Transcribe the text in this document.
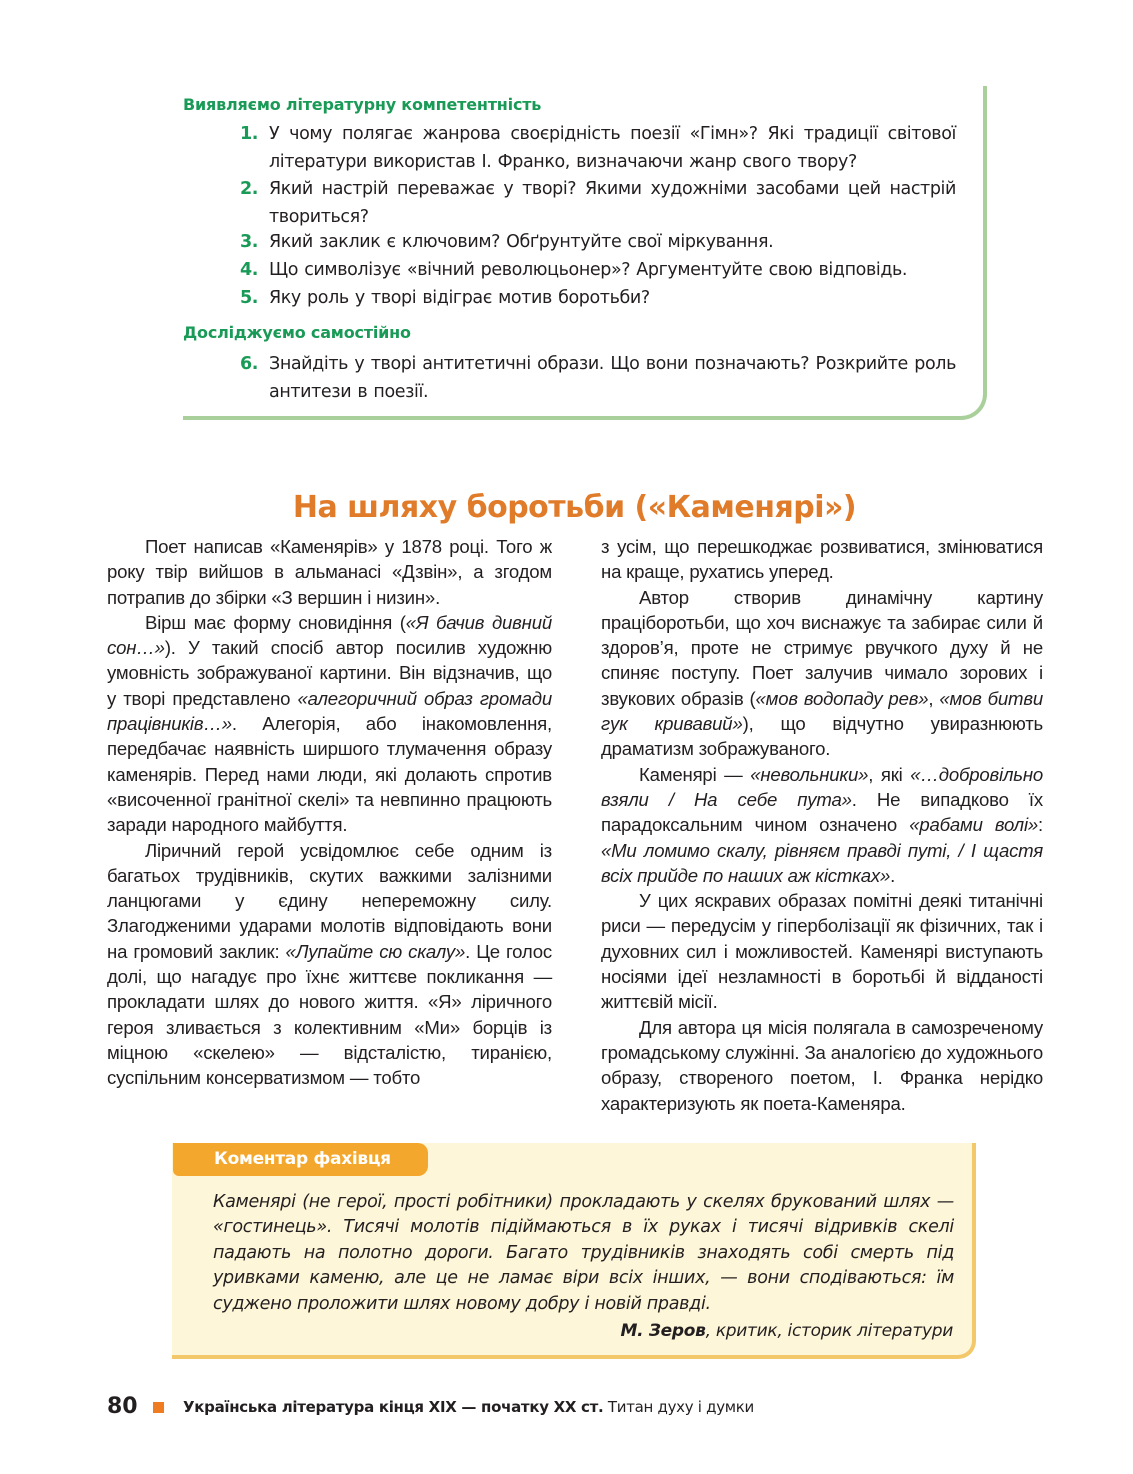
Виявляємо літературну компетентність
1. У чому полягає жанрова своєрідність поезії «Гімн»? Які традиції світової літератури використав І. Франко, визначаючи жанр свого твору?
2. Який настрій переважає у творі? Якими художніми засобами цей настрій твориться?
3. Який заклик є ключовим? Обґрунтуйте свої міркування.
4. Що символізує «вічний революцьонер»? Аргументуйте свою відповідь.
5. Яку роль у творі відіграє мотив боротьби?
Досліджуємо самостійно
6. Знайдіть у творі антитетичні образи. Що вони позначають? Розкрийте роль антитези в поезії.
На шляху боротьби («Каменярі»)

Поет написав «Каменярів» у 1878 році. Того ж року твір вийшов в альманасі «Дзвін», а згодом потрапив до збірки «З вершин і низин».

Вірш має форму сновидіння («Я бачив дивний сон…»). У такий спосіб автор посилив художню умовність зображуваної картини. Він відзначив, що у творі представлено «алегоричний образ громади працівників…». Алегорія, або інакомовлення, передбачає наявність ширшого тлумачення образу каменярів. Перед нами люди, які долають спротив «височенної гранітної скелі» та невпинно працюють заради народного майбуття.

Ліричний герой усвідомлює себе одним із багатьох трудівників, скутих важкими залізними ланцюгами у єдину непереможну силу. Злагодженими ударами молотів відповідають вони на громовий заклик: «Лупайте сю скалу». Це голос долі, що нагадує про їхнє життєве покликання — прокладати шлях до нового життя. «Я» ліричного героя зливається з колективним «Ми» борців із міцною «скелею» — відсталістю, тиранією, суспільним консерватизмом — тобто

з усім, що перешкоджає розвиватися, змінюватися на краще, рухатись уперед.

Автор створив динамічну картину праціборотьби, що хоч виснажує та забирає сили й здоров’я, проте не стримує рвучкого духу й не спиняє поступу. Поет залучив чимало зорових і звукових образів («мов водопаду рев», «мов битви гук кривавий»), що відчутно увиразнюють драматизм зображуваного.

Каменярі — «невольники», які «…добровільно взяли / На себе пута». Не випадково їх парадоксальним чином означено «рабами волі»: «Ми ломимо скалу, рівняєм правді путі, / І щастя всіх прийде по наших аж кістках».

У цих яскравих образах помітні деякі титанічні риси — передусім у гіперболізації як фізичних, так і духовних сил і можливостей. Каменярі виступають носіями ідеї незламності в боротьбі й відданості життєвій місії.

Для автора ця місія полягала в самозреченому громадському служінні. За аналогією до художнього образу, створеного поетом, І. Франка нерідко характеризують як поета-Каменяра.

Коментар фахівця
Каменярі (не герої, прості робітники) прокладають у скелях брукований шлях — «гостинець». Тисячі молотів підіймаються в їх руках і тисячі відривків скелі падають на полотно дороги. Багато трудівників знаходять собі смерть під уривками каменю, але це не ламає віри всіх інших, — вони сподіваються: їм суджено проложити шлях новому добру і новій правді.
М. Зеров, критик, історик літератури
80	Українська література кінця XIX — початку XX ст. Титан духу і думки
